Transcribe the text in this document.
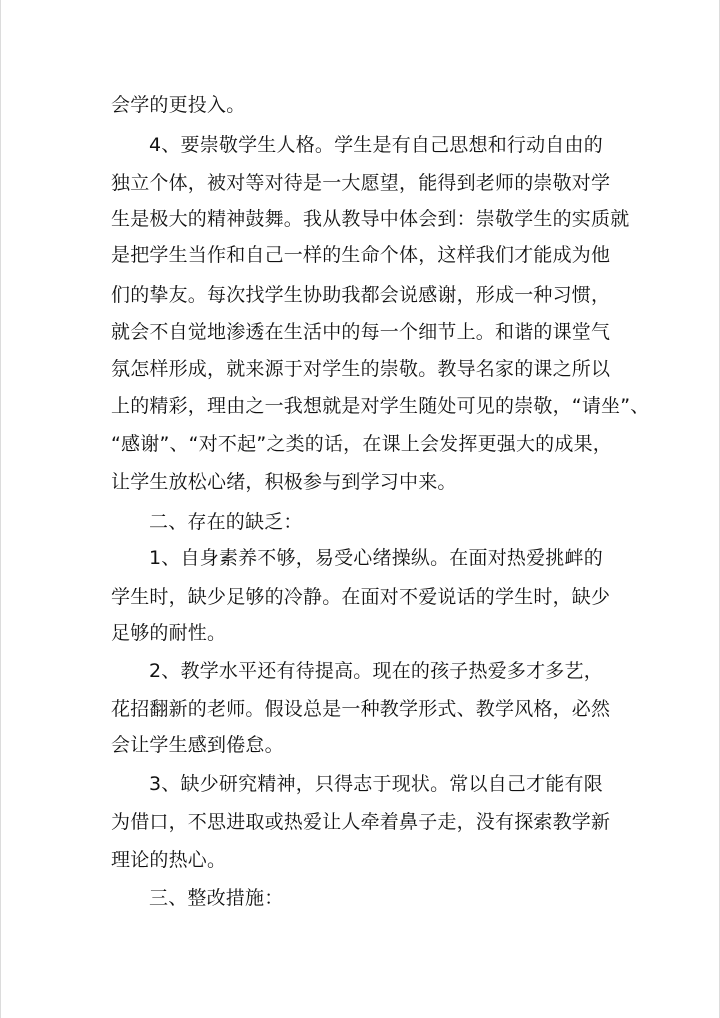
会学的更投入。
4、要崇敬学生人格。学生是有自己思想和行动自由的
独立个体，被对等对待是一大愿望，能得到老师的崇敬对学
生是极大的精神鼓舞。我从教导中体会到：崇敬学生的实质就
是把学生当作和自己一样的生命个体，这样我们才能成为他
们的挚友。每次找学生协助我都会说感谢，形成一种习惯，
就会不自觉地渗透在生活中的每一个细节上。和谐的课堂气
氛怎样形成，就来源于对学生的崇敬。教导名家的课之所以
上的精彩，理由之一我想就是对学生随处可见的崇敬，“请坐”、
“感谢”、“对不起”之类的话，在课上会发挥更强大的成果，
让学生放松心绪，积极参与到学习中来。
二、存在的缺乏：
1、自身素养不够，易受心绪操纵。在面对热爱挑衅的
学生时，缺少足够的冷静。在面对不爱说话的学生时，缺少
足够的耐性。
2、教学水平还有待提高。现在的孩子热爱多才多艺，
花招翻新的老师。假设总是一种教学形式、教学风格，必然
会让学生感到倦怠。
3、缺少研究精神，只得志于现状。常以自己才能有限
为借口，不思进取或热爱让人牵着鼻子走，没有探索教学新
理论的热心。
三、整改措施：
